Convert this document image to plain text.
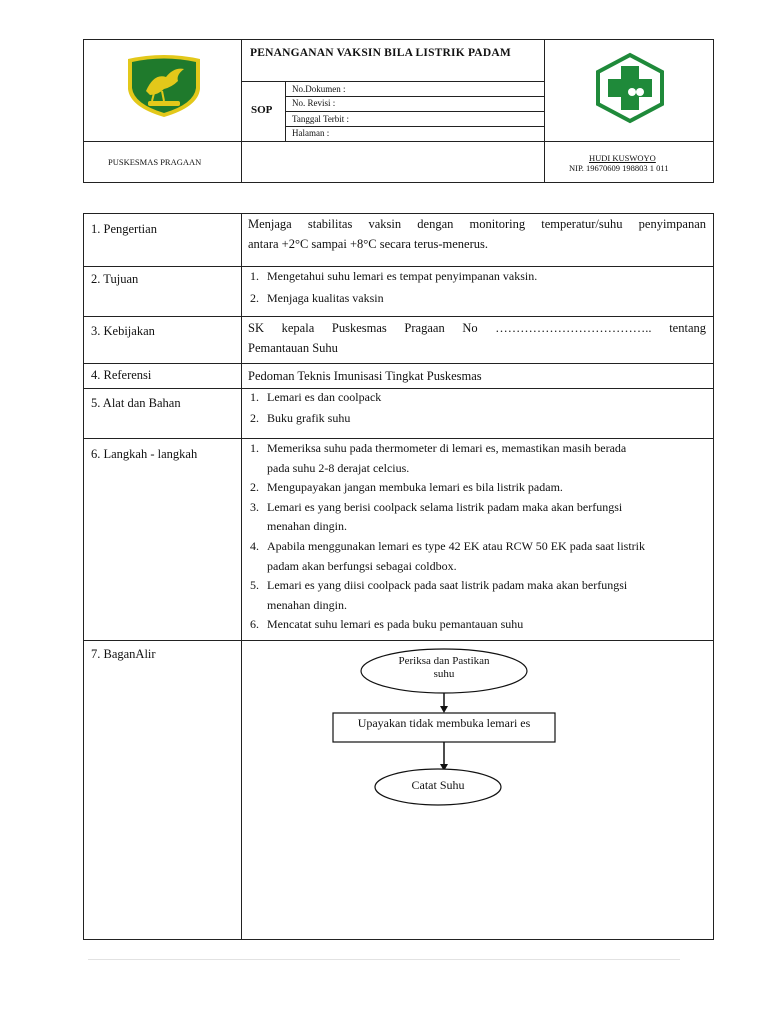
PENANGANAN VAKSIN BILA LISTRIK PADAM
SOP
No.Dokumen :
No. Revisi :
Tanggal Terbit :
Halaman :
PUSKESMAS PRAGAAN	HUDI KUSWOYO
NIP. 19670609 198803 1 011
1. Pengertian	Menjaga stabilitas vaksin dengan monitoring temperatur/suhu penyimpanan
antara +2°C sampai +8°C secara terus-menerus.
2. Tujuan	1. Mengetahui suhu lemari es tempat penyimpanan vaksin.
2. Menjaga kualitas vaksin
3. Kebijakan	SK kepala Puskesmas Pragaan No ……………………………….. tentang
Pemantauan Suhu
4. Referensi	Pedoman Teknis Imunisasi Tingkat Puskesmas
5. Alat dan Bahan	1. Lemari es dan coolpack
2. Buku grafik suhu
6. Langkah - langkah	1. Memeriksa suhu pada thermometer di lemari es, memastikan masih berada
pada suhu 2-8 derajat celcius.
2. Mengupayakan jangan membuka lemari es bila listrik padam.
3. Lemari es yang berisi coolpack selama listrik padam maka akan berfungsi
menahan dingin.
4. Apabila menggunakan lemari es type 42 EK atau RCW 50 EK pada saat listrik
padam akan berfungsi sebagai coldbox.
5. Lemari es yang diisi coolpack pada saat listrik padam maka akan berfungsi
menahan dingin.
6. Mencatat suhu lemari es pada buku pemantauan suhu
7. BaganAlir	Periksa dan Pastikan
suhu
Upayakan tidak membuka lemari es
Catat Suhu
